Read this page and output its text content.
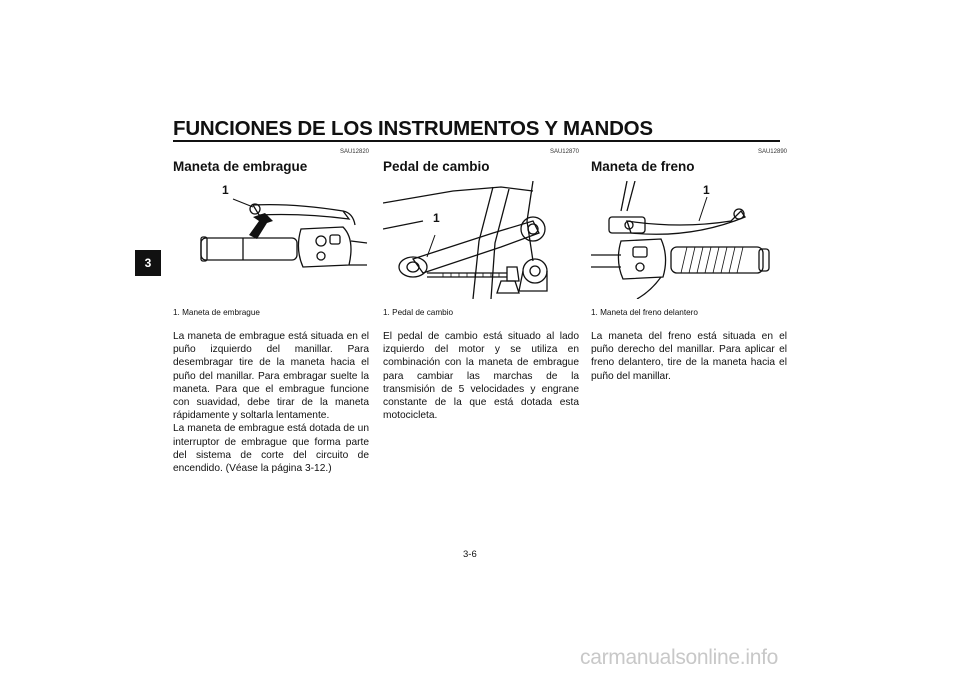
FUNCIONES DE LOS INSTRUMENTOS Y MANDOS
3
SAU12820
Maneta de embrague
1
1. Maneta de embrague

La maneta de embrague está situada en el puño izquierdo del manillar. Para desembragar tire de la maneta hacia el puño del manillar. Para embragar suelte la maneta. Para que el embrague funcione con suavidad, debe tirar de la maneta rápidamente y soltarla lentamente.

La maneta de embrague está dotada de un interruptor de embrague que forma parte del sistema de corte del circuito de encendido. (Véase la página 3-12.)

SAU12870
Pedal de cambio
1
1. Pedal de cambio

El pedal de cambio está situado al lado izquierdo del motor y se utiliza en combinación con la maneta de embrague para cambiar las marchas de la transmisión de 5 velocidades y engrane constante de la que está dotada esta motocicleta.

SAU12890
Maneta de freno
1
1. Maneta del freno delantero

La maneta del freno está situada en el puño derecho del manillar. Para aplicar el freno delantero, tire de la maneta hacia el puño del manillar.

3-6
carmanualsonline.info
